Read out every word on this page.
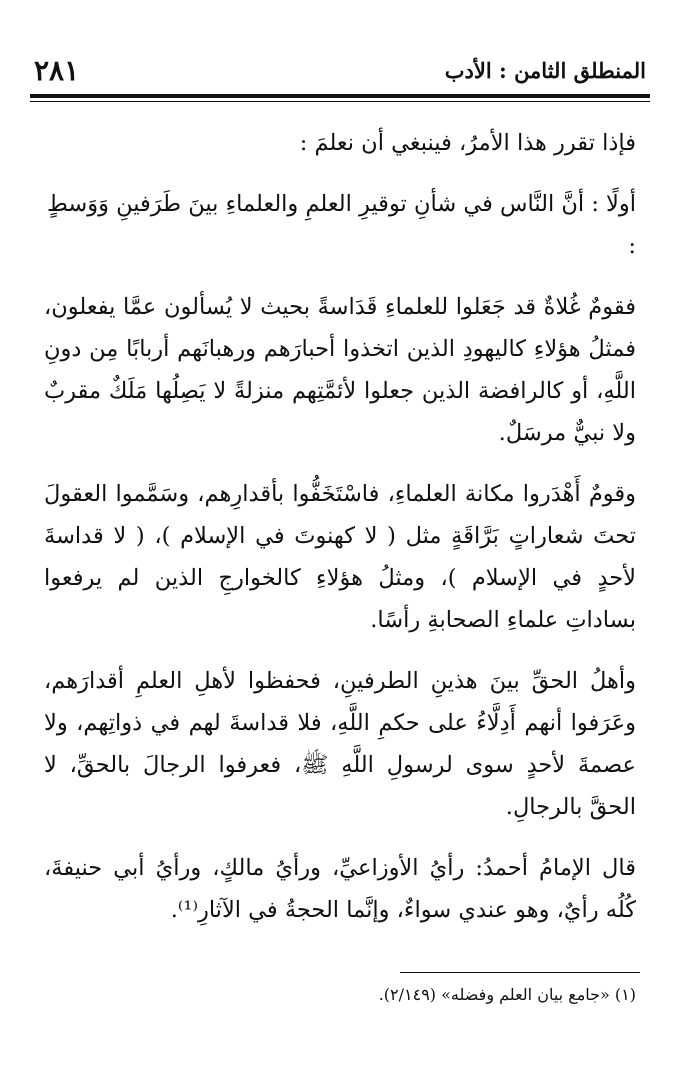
المنطلق الثامن : الأدب
٢٨١

فإذا تقرر هذا الأمرُ، فينبغي أن نعلمَ :

أولًا : أنَّ النَّاس في شأنِ توقيرِ العلمِ والعلماءِ بينَ طَرَفينِ وَوَسطٍ :

فقومٌ غُلاةٌ قد جَعَلوا للعلماءِ قَدَاسةً بحيث لا يُسألون عمَّا يفعلون، فمثلُ هؤلاءِ كاليهودِ الذين اتخذوا أحبارَهم ورهبانَهم أربابًا مِن دونِ اللَّهِ، أو كالرافضة الذين جعلوا لأئمَّتِهم منزلةً لا يَصِلُها مَلَكٌ مقربٌ ولا نبيٌّ مرسَلٌ.

وقومٌ أَهْدَروا مكانة العلماءِ، فاسْتَخَفُّوا بأقدارِهم، وسَمَّموا العقولَ تحتَ شعاراتٍ بَرَّاقَةٍ مثل ( لا كهنوتَ في الإسلام )، ( لا قداسةَ لأحدٍ في الإسلام )، ومثلُ هؤلاءِ كالخوارجِ الذين لم يرفعوا بساداتِ علماءِ الصحابةِ رأسًا.

وأهلُ الحقِّ بينَ هذينِ الطرفينِ، فحفظوا لأهلِ العلمِ أقدارَهم، وعَرَفوا أنهم أَدِلَّاءُ على حكمِ اللَّهِ، فلا قداسةَ لهم في ذواتِهم، ولا عصمةَ لأحدٍ سوى لرسولِ اللَّهِ ﷺ، فعرفوا الرجالَ بالحقِّ، لا الحقَّ بالرجالِ.

قال الإمامُ أحمدُ: رأيُ الأوزاعيِّ، ورأيُ مالكٍ، ورأيُ أبي حنيفةَ، كُلُه رأيٌ، وهو عندي سواءٌ، وإنَّما الحجةُ في الآثارِ⁽¹⁾.

(١) «جامع بيان العلم وفضله» (٢/١٤٩).
